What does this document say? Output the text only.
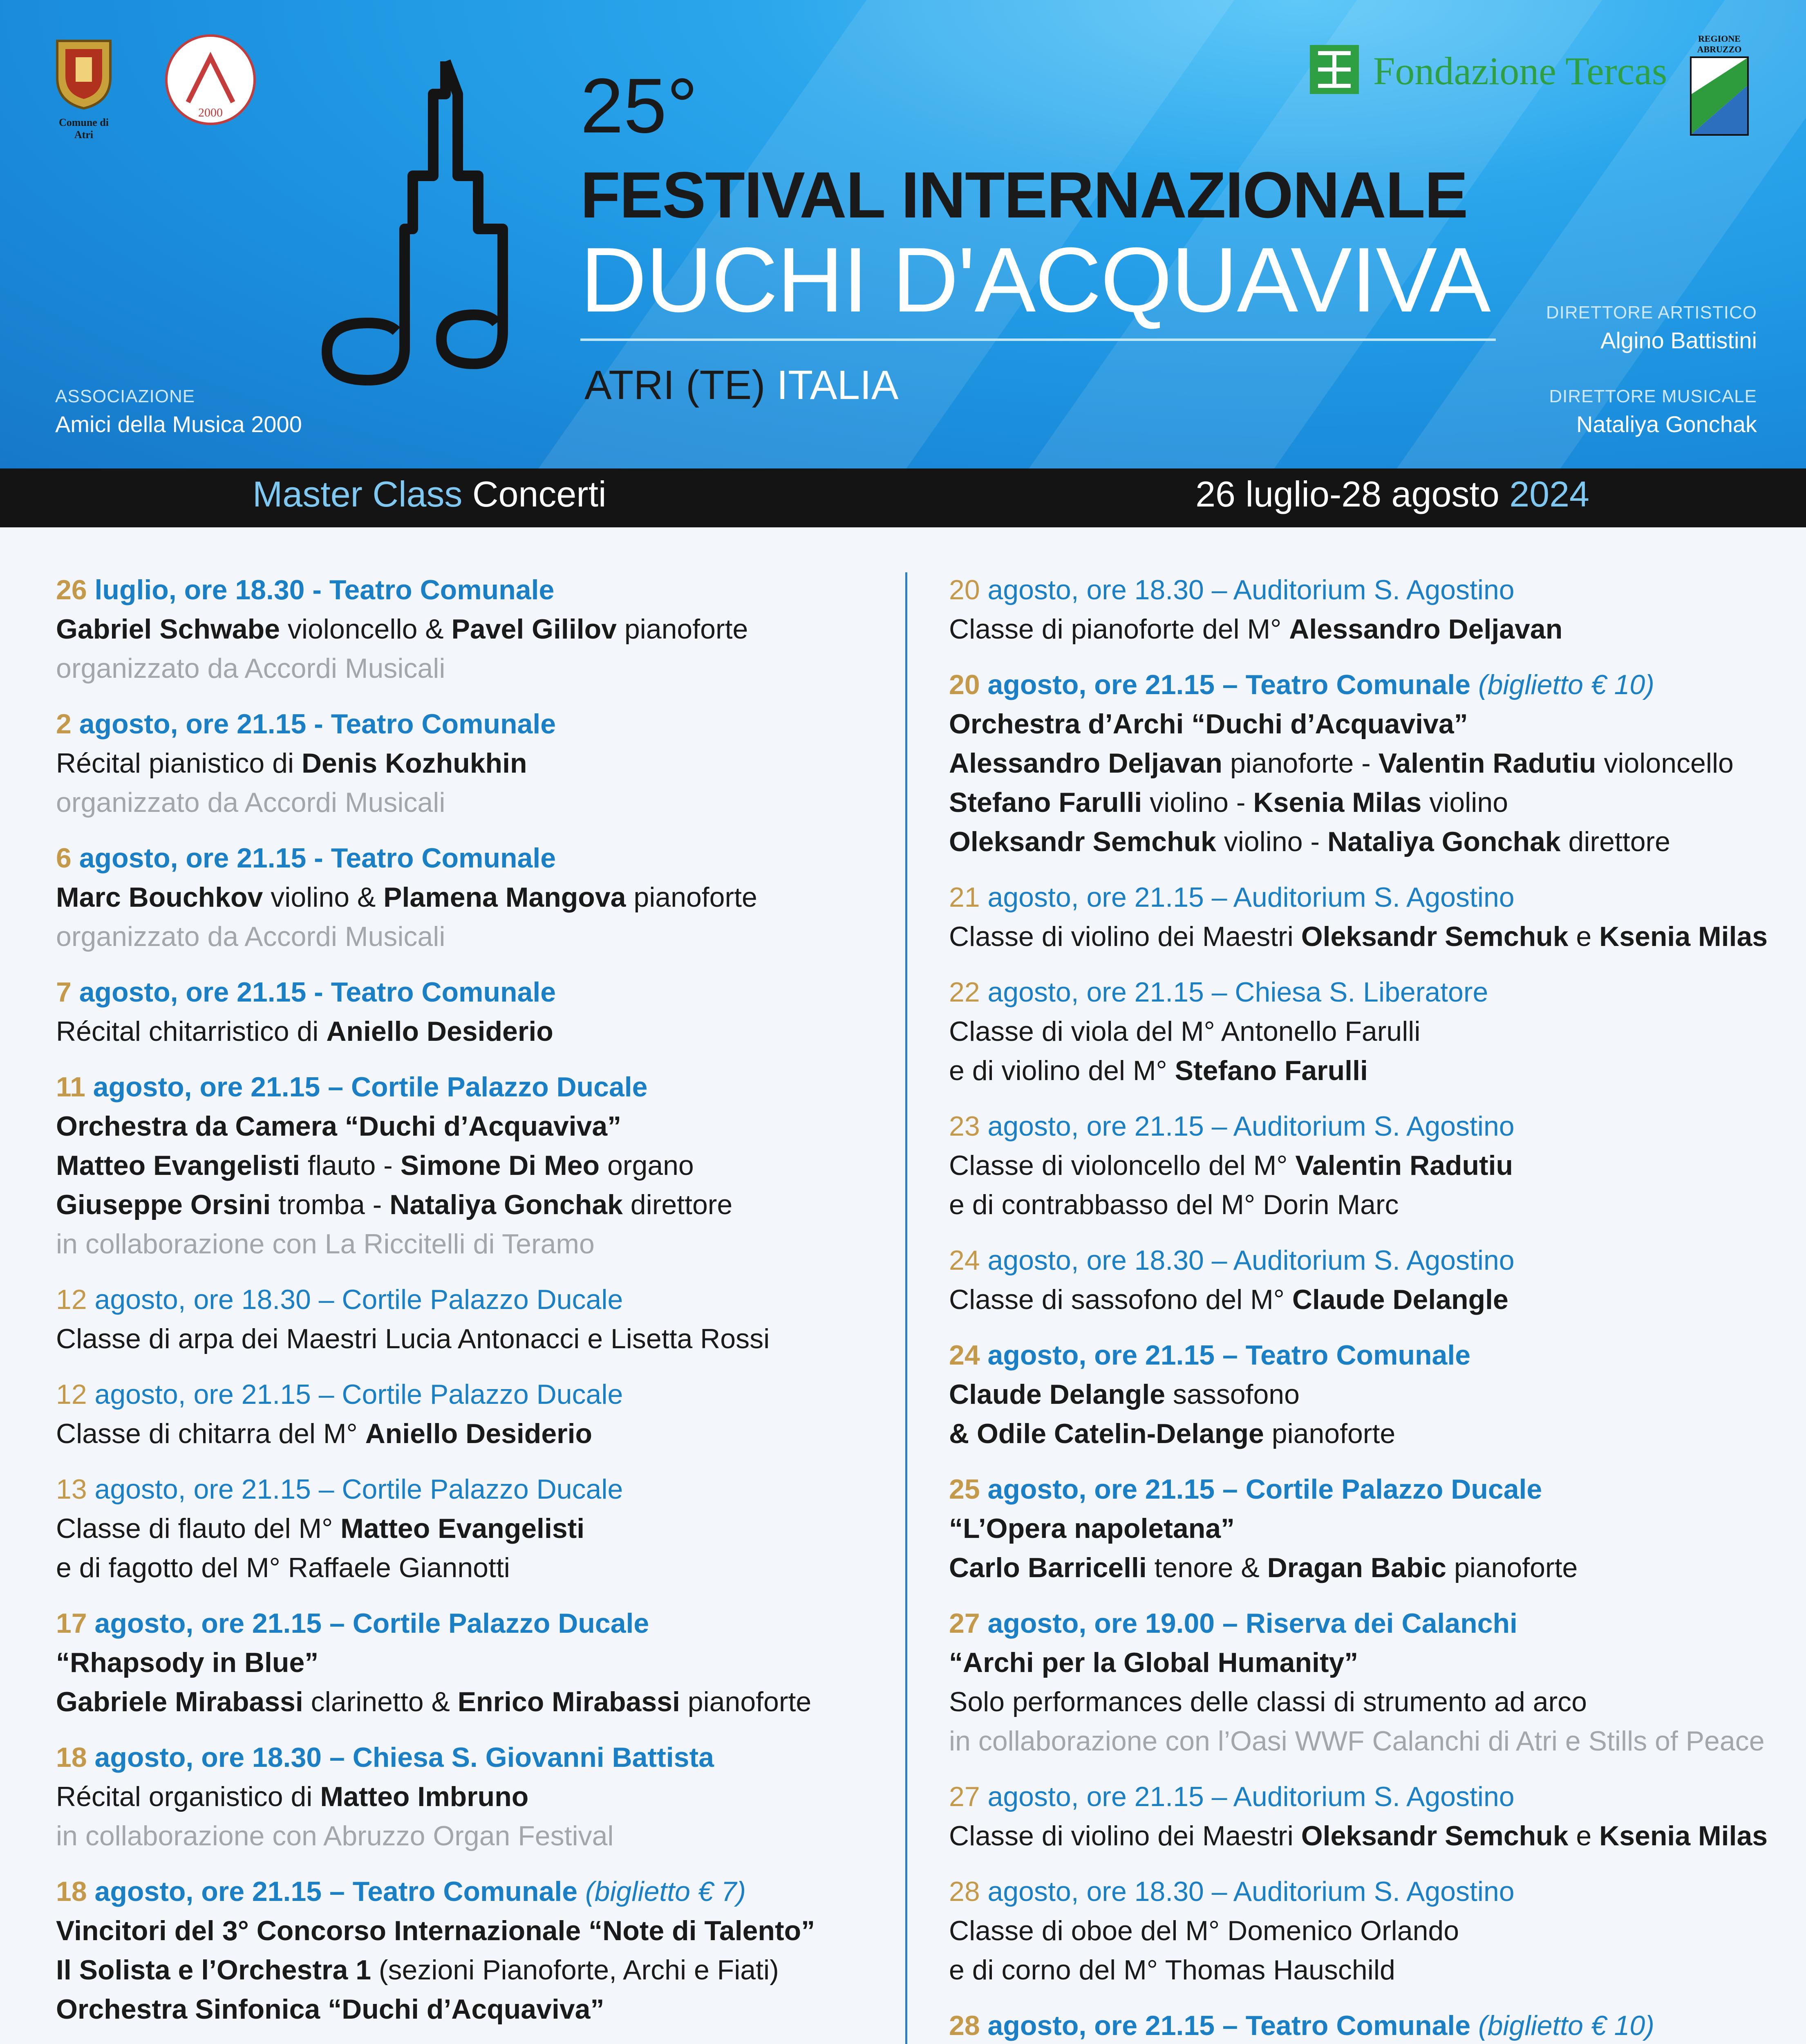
Comune di Atri
2000	25°
FESTIVAL INTERNAZIONALE
DUCHI D'ACQUAVIVA
ATRI (TE) ITALIA
ASSOCIAZIONE
Amici della Musica 2000
DIRETTORE ARTISTICO
Algino Battistini
DIRETTORE MUSICALE
Nataliya Gonchak
Fondazione Tercas
REGIONE
ABRUZZO
Master Class Concerti	26 luglio-28 agosto 2024
26 luglio, ore 18.30 - Teatro Comunale
Gabriel Schwabe violoncello & Pavel Gililov pianoforte
organizzato da Accordi Musicali
2 agosto, ore 21.15 - Teatro Comunale
Récital pianistico di Denis Kozhukhin
organizzato da Accordi Musicali
6 agosto, ore 21.15 - Teatro Comunale
Marc Bouchkov violino & Plamena Mangova pianoforte
organizzato da Accordi Musicali
7 agosto, ore 21.15 - Teatro Comunale
Récital chitarristico di Aniello Desiderio
11 agosto, ore 21.15 – Cortile Palazzo Ducale
Orchestra da Camera “Duchi d’Acquaviva”
Matteo Evangelisti flauto - Simone Di Meo organo
Giuseppe Orsini tromba - Nataliya Gonchak direttore
in collaborazione con La Riccitelli di Teramo
12 agosto, ore 18.30 – Cortile Palazzo Ducale
Classe di arpa dei Maestri Lucia Antonacci e Lisetta Rossi
12 agosto, ore 21.15 – Cortile Palazzo Ducale
Classe di chitarra del M° Aniello Desiderio
13 agosto, ore 21.15 – Cortile Palazzo Ducale
Classe di flauto del M° Matteo Evangelisti
e di fagotto del M° Raffaele Giannotti
17 agosto, ore 21.15 – Cortile Palazzo Ducale
“Rhapsody in Blue”
Gabriele Mirabassi clarinetto & Enrico Mirabassi pianoforte
18 agosto, ore 18.30 – Chiesa S. Giovanni Battista
Récital organistico di Matteo Imbruno
in collaborazione con Abruzzo Organ Festival
18 agosto, ore 21.15 – Teatro Comunale (biglietto € 7)
Vincitori del 3° Concorso Internazionale “Note di Talento”
Il Solista e l’Orchestra 1 (sezioni Pianoforte, Archi e Fiati)
Orchestra Sinfonica “Duchi d’Acquaviva”
20 agosto, ore 18.30 – Auditorium S. Agostino
Classe di pianoforte del M° Alessandro Deljavan
20 agosto, ore 21.15 – Teatro Comunale (biglietto € 10)
Orchestra d’Archi “Duchi d’Acquaviva”
Alessandro Deljavan pianoforte - Valentin Radutiu violoncello
Stefano Farulli violino - Ksenia Milas violino
Oleksandr Semchuk violino - Nataliya Gonchak direttore
21 agosto, ore 21.15 – Auditorium S. Agostino
Classe di violino dei Maestri Oleksandr Semchuk e Ksenia Milas
22 agosto, ore 21.15 – Chiesa S. Liberatore
Classe di viola del M° Antonello Farulli
e di violino del M° Stefano Farulli
23 agosto, ore 21.15 – Auditorium S. Agostino
Classe di violoncello del M° Valentin Radutiu
e di contrabbasso del M° Dorin Marc
24 agosto, ore 18.30 – Auditorium S. Agostino
Classe di sassofono del M° Claude Delangle
24 agosto, ore 21.15 – Teatro Comunale
Claude Delangle sassofono
& Odile Catelin-Delange pianoforte
25 agosto, ore 21.15 – Cortile Palazzo Ducale
“L’Opera napoletana”
Carlo Barricelli tenore & Dragan Babic pianoforte
27 agosto, ore 19.00 – Riserva dei Calanchi
“Archi per la Global Humanity”
Solo performances delle classi di strumento ad arco
in collaborazione con l’Oasi WWF Calanchi di Atri e Stills of Peace
27 agosto, ore 21.15 – Auditorium S. Agostino
Classe di violino dei Maestri Oleksandr Semchuk e Ksenia Milas
28 agosto, ore 18.30 – Auditorium S. Agostino
Classe di oboe del M° Domenico Orlando
e di corno del M° Thomas Hauschild
28 agosto, ore 21.15 – Teatro Comunale (biglietto € 10)
